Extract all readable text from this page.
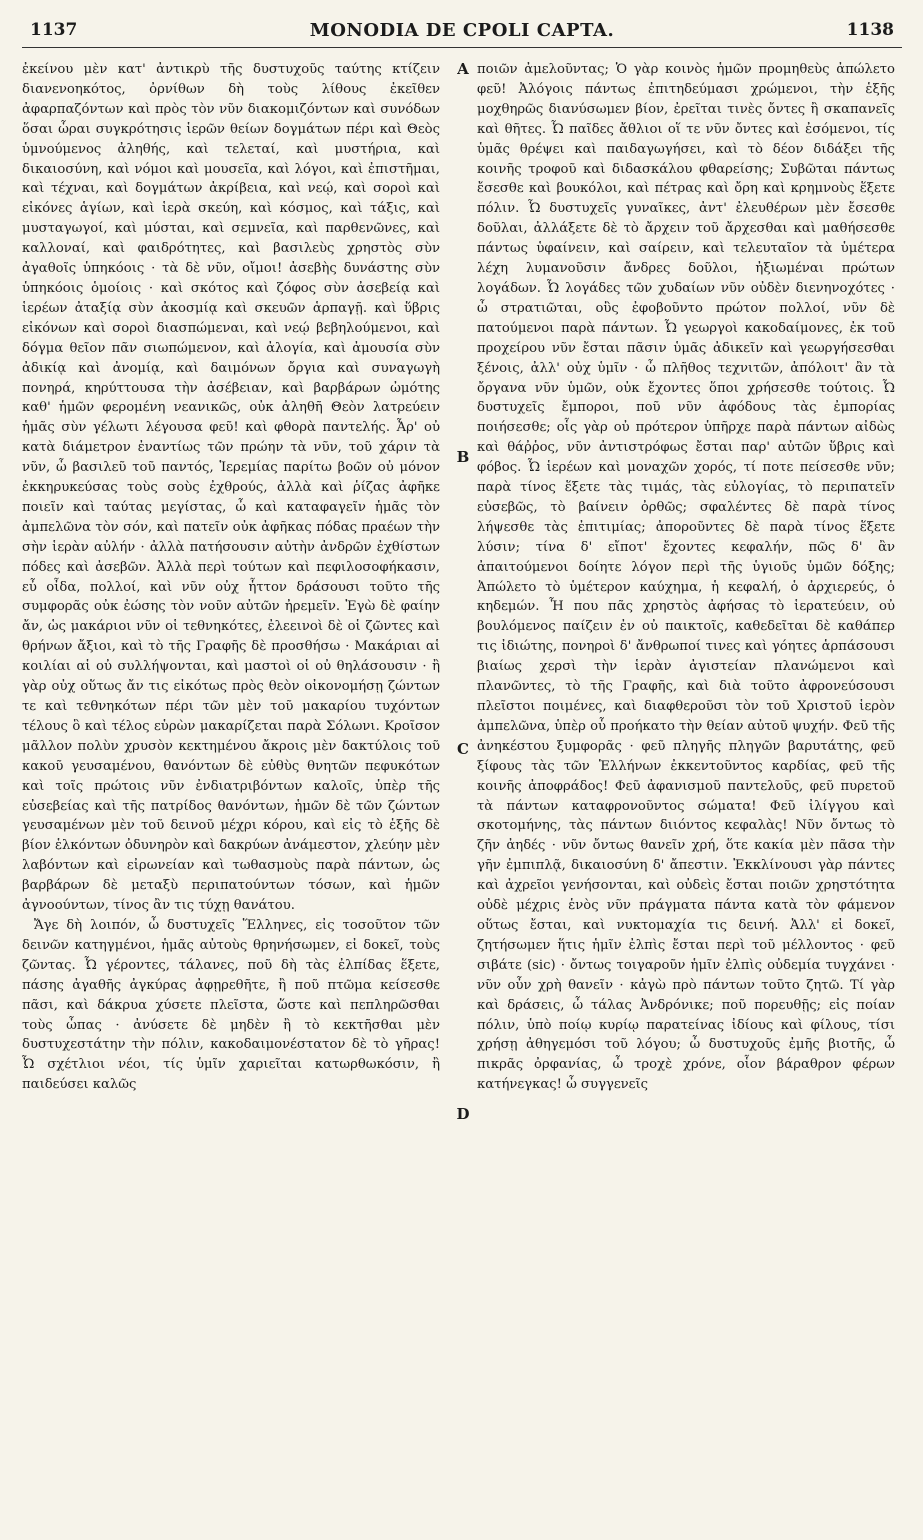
1137	MONODIA DE CPOLI CAPTA.	1138

ἐκείνου μὲν κατ' ἀντικρὺ τῆς δυστυχοῦς ταύτης κτίζειν διανενοηκότος, ὀρνίθων δὴ τοὺς λίθους ἐκεῖθεν ἀφαρπαζόντων καὶ πρὸς τὸν νῦν διακομιζόντων καὶ συνόδων ὅσαι ὧραι συγκρότησις ἱερῶν θείων δογμάτων πέρι καὶ Θεὸς ὑμνούμενος ἀληθής, καὶ τελεταί, καὶ μυστήρια, καὶ δικαιοσύνη, καὶ νόμοι καὶ μουσεῖα, καὶ λόγοι, καὶ ἐπιστῆμαι, καὶ τέχναι, καὶ δογμάτων ἀκρίβεια, καὶ νεῴ, καὶ σοροὶ καὶ εἰκόνες ἁγίων, καὶ ἱερὰ σκεύη, καὶ κόσμος, καὶ τάξις, καὶ μυσταγωγοί, καὶ μύσται, καὶ σεμνεῖα, καὶ παρθενῶνες, καὶ καλλοναί, καὶ φαιδρότητες, καὶ βασιλεὺς χρηστὸς σὺν ἀγαθοῖς ὑπηκόοις · τὰ δὲ νῦν, οἴμοι! ἀσεβὴς δυνάστης σὺν ὑπηκόοις ὁμοίοις · καὶ σκότος καὶ ζόφος σὺν ἀσεβείᾳ καὶ ἱερέων ἀταξίᾳ σὺν ἀκοσμίᾳ καὶ σκευῶν ἁρπαγῇ. καὶ ὕβρις εἰκόνων καὶ σοροὶ διασπώμεναι, καὶ νεῴ βεβηλούμενοι, καὶ δόγμα θεῖον πᾶν σιωπώμενον, καὶ ἀλογία, καὶ ἀμουσία σὺν ἀδικίᾳ καὶ ἀνομίᾳ, καὶ δαιμόνων ὄργια καὶ συναγωγὴ πονηρά, κηρύττουσα τὴν ἀσέβειαν, καὶ βαρβάρων ὠμότης καθ' ἡμῶν φερομένη νεανικῶς, οὐκ ἀληθῆ Θεὸν λατρεύειν ἡμᾶς σὺν γέλωτι λέγουσα φεῦ! καὶ φθορὰ παντελής. Ἆρ' οὐ κατὰ διάμετρον ἐναντίως τῶν πρώην τὰ νῦν, τοῦ χάριν τὰ νῦν, ὦ βασιλεῦ τοῦ παντός, Ἱερεμίας παρίτω βοῶν οὐ μόνον ἐκκηρυκεύσας τοὺς σοὺς ἐχθρούς, ἀλλὰ καὶ ῥίζας ἀφῆκε ποιεῖν καὶ ταύτας μεγίστας, ὦ καὶ καταφαγεῖν ἡμᾶς τὸν ἀμπελῶνα τὸν σόν, καὶ πατεῖν οὐκ ἀφῆκας πόδας πραέων τὴν σὴν ἱερὰν αὐλήν · ἀλλὰ πατήσουσιν αὐτὴν ἀνδρῶν ἐχθίστων πόδες καὶ ἀσεβῶν. Ἀλλὰ περὶ τούτων καὶ πεφιλοσοφήκασιν, εὖ οἶδα, πολλοί, καὶ νῦν οὐχ ἧττον δράσουσι τοῦτο τῆς συμφορᾶς οὐκ ἐώσης τὸν νοῦν αὐτῶν ἠρεμεῖν. Ἐγὼ δὲ φαίην ἄν, ὡς μακάριοι νῦν οἱ τεθνηκότες, ἐλεεινοὶ δὲ οἱ ζῶντες καὶ θρήνων ἄξιοι, καὶ τὸ τῆς Γραφῆς δὲ προσθήσω · Μακάριαι αἱ κοιλίαι αἱ οὐ συλλήψονται, καὶ μαστοὶ οἱ οὐ θηλάσουσιν · ἢ γὰρ οὐχ οὕτως ἄν τις εἰκότως πρὸς θεὸν οἰκονομήσῃ ζώντων τε καὶ τεθνηκότων πέρι τῶν μὲν τοῦ μακαρίου τυχόντων τέλους ὃ καὶ τέλος εὑρὼν μακαρίζεται παρὰ Σόλωνι. Κροῖσον μᾶλλον πολὺν χρυσὸν κεκτημένου ἄκροις μὲν δακτύλοις τοῦ κακοῦ γευσαμένου, θανόντων δὲ εὐθὺς θνητῶν πεφυκότων καὶ τοῖς πρώτοις νῦν ἐνδιατριβόντων καλοῖς, ὑπὲρ τῆς εὐσεβείας καὶ τῆς πατρίδος θανόντων, ἡμῶν δὲ τῶν ζώντων γευσαμένων μὲν τοῦ δεινοῦ μέχρι κόρου, καὶ εἰς τὸ ἑξῆς δὲ βίον ἑλκόντων ὀδυνηρὸν καὶ δακρύων ἀνάμεστον, χλεύην μὲν λαβόντων καὶ εἰρωνείαν καὶ τωθασμοὺς παρὰ πάντων, ὡς βαρβάρων δὲ μεταξὺ περιπατούντων τόσων, καὶ ἡμῶν ἀγνοούντων, τίνος ἂν τις τύχῃ θανάτου.

Ἄγε δὴ λοιπόν, ὦ δυστυχεῖς Ἕλληνες, εἰς τοσοῦτον τῶν δεινῶν κατηγμένοι, ἡμᾶς αὐτοὺς θρηνήσωμεν, εἰ δοκεῖ, τοὺς ζῶντας. Ὦ γέροντες, τάλανες, ποῦ δὴ τὰς ἐλπίδας ἕξετε, πάσης ἀγαθῆς ἀγκύρας ἀφῃρεθῆτε, ἢ ποῦ πτῶμα κείσεσθε πᾶσι, καὶ δάκρυα χύσετε πλεῖστα, ὥστε καὶ πεπληρῶσθαι τοὺς ὦπας · ἀνύσετε δὲ μηδὲν ἢ τὸ κεκτῆσθαι μὲν δυστυχεστάτην τὴν πόλιν, κακοδαιμονέστατον δὲ τὸ γῆρας! Ὦ σχέτλιοι νέοι, τίς ὑμῖν χαριεῖται κατωρθωκόσιν, ἢ παιδεύσει καλῶς

A
B
C
D

ποιῶν ἀμελοῦντας; Ὁ γὰρ κοινὸς ἡμῶν προμηθεὺς ἀπώλετο φεῦ! Ἀλόγοις πάντως ἐπιτηδεύμασι χρώμενοι, τὴν ἑξῆς μοχθηρῶς διανύσωμεν βίον, ἐρεῖται τινὲς ὄντες ἢ σκαπανεῖς καὶ θῆτες. Ὦ παῖδες ἄθλιοι οἵ τε νῦν ὄντες καὶ ἐσόμενοι, τίς ὑμᾶς θρέψει καὶ παιδαγωγήσει, καὶ τὸ δέον διδάξει τῆς κοινῆς τροφοῦ καὶ διδασκάλου φθαρείσης; Συβῶται πάντως ἔσεσθε καὶ βουκόλοι, καὶ πέτρας καὶ ὄρη καὶ κρημνοὺς ἕξετε πόλιν. Ὦ δυστυχεῖς γυναῖκες, ἀντ' ἐλευθέρων μὲν ἔσεσθε δοῦλαι, ἀλλάξετε δὲ τὸ ἄρχειν τοῦ ἄρχεσθαι καὶ μαθήσεσθε πάντως ὑφαίνειν, καὶ σαίρειν, καὶ τελευταῖον τὰ ὑμέτερα λέχη λυμανοῦσιν ἄνδρες δοῦλοι, ἠξιωμέναι πρώτων λογάδων. Ὦ λογάδες τῶν χυδαίων νῦν οὐδὲν διενηνοχότες · ὦ στρατιῶται, οὓς ἐφοβοῦντο πρώτον πολλοί, νῦν δὲ πατούμενοι παρὰ πάντων. Ὦ γεωργοὶ κακοδαίμονες, ἐκ τοῦ προχείρου νῦν ἔσται πᾶσιν ὑμᾶς ἀδικεῖν καὶ γεωργήσεσθαι ξένοις, ἀλλ' οὐχ ὑμῖν · ὦ πλῆθος τεχνιτῶν, ἀπόλοιτ' ἂν τὰ ὄργανα νῦν ὑμῶν, οὐκ ἔχοντες ὅποι χρήσεσθε τούτοις. Ὦ δυστυχεῖς ἔμποροι, ποῦ νῦν ἀφόδους τὰς ἐμπορίας ποιήσεσθε; οἷς γὰρ οὐ πρότερον ὑπῆρχε παρὰ πάντων αἰδὼς καὶ θάῤῥος, νῦν ἀντιστρόφως ἔσται παρ' αὐτῶν ὕβρις καὶ φόβος. Ὦ ἱερέων καὶ μοναχῶν χορός, τί ποτε πείσεσθε νῦν; παρὰ τίνος ἕξετε τὰς τιμάς, τὰς εὐλογίας, τὸ περιπατεῖν εὐσεβῶς, τὸ βαίνειν ὀρθῶς; σφαλέντες δὲ παρὰ τίνος λήψεσθε τὰς ἐπιτιμίας; ἀποροῦντες δὲ παρὰ τίνος ἕξετε λύσιν; τίνα δ' εἴποτ' ἔχοντες κεφαλήν, πῶς δ' ἂν ἀπαιτούμενοι δοίητε λόγον περὶ τῆς ὑγιοῦς ὑμῶν δόξης; Ἀπώλετο τὸ ὑμέτερον καύχημα, ἡ κεφαλή, ὁ ἀρχιερεύς, ὁ κηδεμών. Ἦ που πᾶς χρηστὸς ἀφήσας τὸ ἱερατεύειν, οὐ βουλόμενος παίζειν ἐν οὐ παικτοῖς, καθεδεῖται δὲ καθάπερ τις ἰδιώτης, πονηροὶ δ' ἄνθρωποί τινες καὶ γόητες ἁρπάσουσι βιαίως χερσὶ τὴν ἱερὰν ἀγιστείαν πλανώμενοι καὶ πλανῶντες, τὸ τῆς Γραφῆς, καὶ διὰ τοῦτο ἀφρονεύσουσι πλεῖστοι ποιμένες, καὶ διαφθεροῦσι τὸν τοῦ Χριστοῦ ἱερὸν ἀμπελῶνα, ὑπὲρ οὗ προήκατο τὴν θείαν αὐτοῦ ψυχήν. Φεῦ τῆς ἀνηκέστου ξυμφορᾶς · φεῦ πληγῆς πληγῶν βαρυτάτης, φεῦ ξίφους τὰς τῶν Ἑλλήνων ἐκκεντοῦντος καρδίας, φεῦ τῆς κοινῆς ἀποφράδος! Φεῦ ἀφανισμοῦ παντελοῦς, φεῦ πυρετοῦ τὰ πάντων καταφρονοῦντος σώματα! Φεῦ ἰλίγγου καὶ σκοτομήνης, τὰς πάντων διιόντος κεφαλὰς! Νῦν ὄντως τὸ ζῆν ἀηδές · νῦν ὄντως θανεῖν χρή, ὅτε κακία μὲν πᾶσα τὴν γῆν ἐμπιπλᾷ, δικαιοσύνη δ' ἄπεστιν. Ἐκκλίνουσι γὰρ πάντες καὶ ἀχρεῖοι γενήσονται, καὶ οὐδεὶς ἔσται ποιῶν χρηστότητα οὐδὲ μέχρις ἑνὸς νῦν πράγματα πάντα κατὰ τὸν φάμενον οὕτως ἔσται, καὶ νυκτομαχία τις δεινή. Ἀλλ' εἰ δοκεῖ, ζητήσωμεν ἥτις ἡμῖν ἐλπὶς ἔσται περὶ τοῦ μέλλοντος · φεῦ σιβάτε (sic) · ὄντως τοιγαροῦν ἡμῖν ἐλπὶς οὐδεμία τυγχάνει · νῦν οὖν χρὴ θανεῖν · κἀγὼ πρὸ πάντων τοῦτο ζητῶ. Τί γὰρ καὶ δράσεις, ὦ τάλας Ἀνδρόνικε; ποῦ πορευθῇς; εἰς ποίαν πόλιν, ὑπὸ ποίῳ κυρίῳ παρατείνας ἰδίους καὶ φίλους, τίσι χρήσῃ ἀθηγεμόσι τοῦ λόγου; ὦ δυστυχοῦς ἐμῆς βιοτῆς, ὦ πικρᾶς ὀρφανίας, ὦ τροχὲ χρόνε, οἷον βάραθρον φέρων κατήνεγκας! ὦ συγγενεῖς
